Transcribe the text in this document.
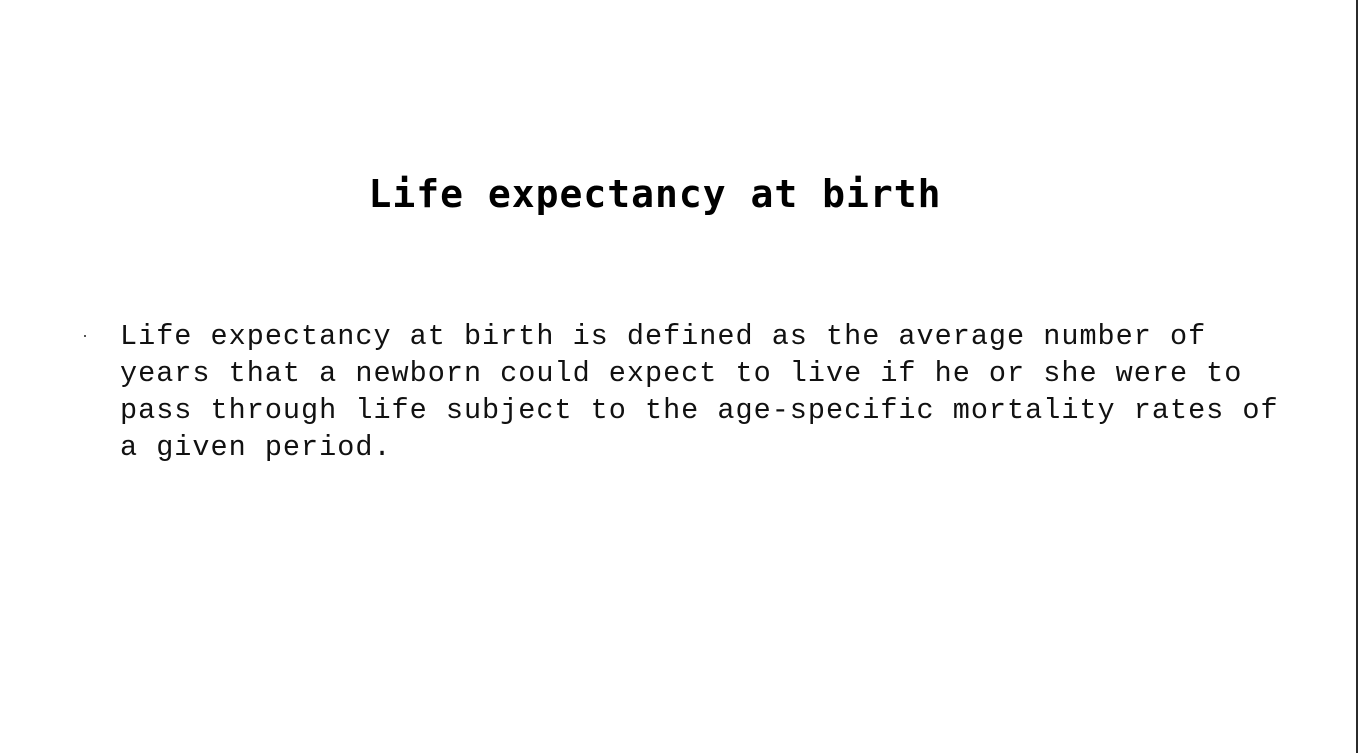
Life expectancy at birth
Life expectancy at birth is defined as the average number of years that a newborn could expect to live if he or she were to pass through life subject to the age-specific mortality rates of a given period.
